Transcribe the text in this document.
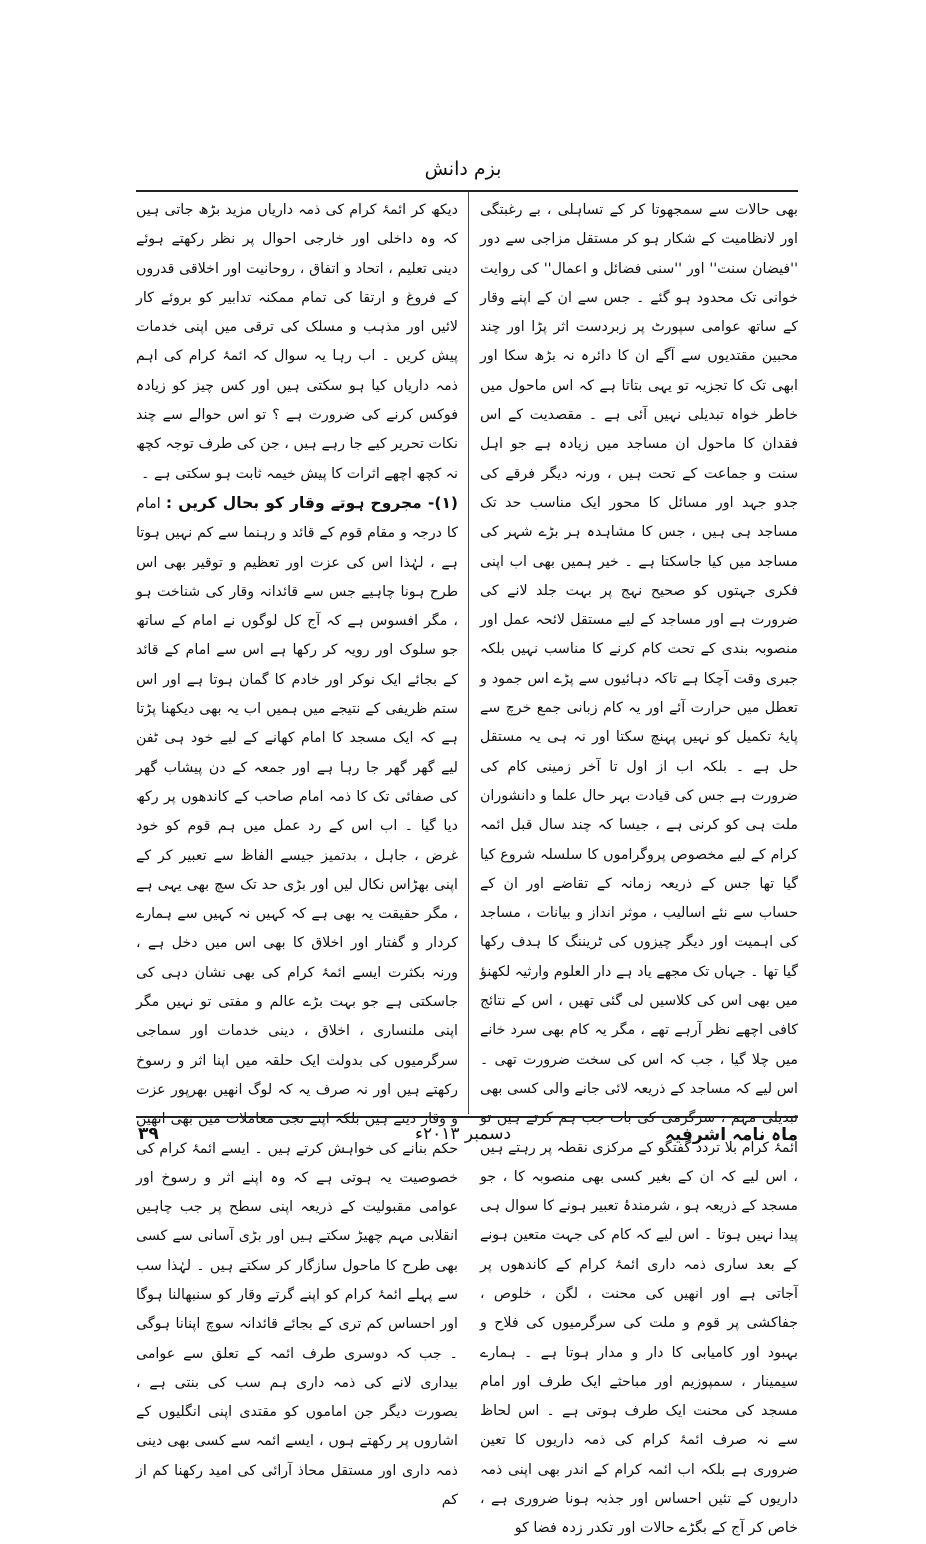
بزم دانش

بھی حالات سے سمجھوتا کر کے تساہلی ، بے رغبتگی اور لانظامیت کے شکار ہو کر مستقل مزاجی سے دور ''فیضان سنت'' اور ''سنی فضائل و اعمال'' کی روایت خوانی تک محدود ہو گئے ۔ جس سے ان کے اپنے وقار کے ساتھ عوامی سپورٹ پر زبردست اثر پڑا اور چند محبین مقتدیوں سے آگے ان کا دائرہ نہ بڑھ سکا اور ابھی تک کا تجزیہ تو یہی بتاتا ہے کہ اس ماحول میں خاطر خواہ تبدیلی نہیں آئی ہے ۔ مقصدیت کے اس فقدان کا ماحول ان مساجد میں زیادہ ہے جو اہل سنت و جماعت کے تحت ہیں ، ورنہ دیگر فرقے کی جدو جہد اور مسائل کا محور ایک مناسب حد تک مساجد ہی ہیں ، جس کا مشاہدہ ہر بڑے شہر کی مساجد میں کیا جاسکتا ہے ۔ خیر ہمیں بھی اب اپنی فکری جہتوں کو صحیح نہج پر بہت جلد لانے کی ضرورت ہے اور مساجد کے لیے مستقل لائحہ عمل اور منصوبہ بندی کے تحت کام کرنے کا مناسب نہیں بلکہ جبری وقت آچکا ہے تاکہ دہائیوں سے پڑے اس جمود و تعطل میں حرارت آئے اور یہ کام زبانی جمع خرچ سے پایۂ تکمیل کو نہیں پہنچ سکتا اور نہ ہی یہ مستقل حل ہے ۔ بلکہ اب از اول تا آخر زمینی کام کی ضرورت ہے جس کی قیادت بہر حال علما و دانشوران ملت ہی کو کرنی ہے ، جیسا کہ چند سال قبل ائمہ کرام کے لیے مخصوص پروگراموں کا سلسلہ شروع کیا گیا تھا جس کے ذریعہ زمانہ کے تقاضے اور ان کے حساب سے نئے اسالیب ، موثر انداز و بیانات ، مساجد کی اہمیت اور دیگر چیزوں کی ٹریننگ کا ہدف رکھا گیا تھا ۔ جہاں تک مجھے یاد ہے دار العلوم وارثیہ لکھنؤ میں بھی اس کی کلاسیں لی گئی تھیں ، اس کے نتائج کافی اچھے نظر آرہے تھے ، مگر یہ کام بھی سرد خانے میں چلا گیا ، جب کہ اس کی سخت ضرورت تھی ۔ اس لیے کہ مساجد کے ذریعہ لائی جانے والی کسی بھی تبدیلی مہم ، سرگرمی کی بات جب ہم کرتے ہیں تو ائمۂ کرام بلا تردد گفتگو کے مرکزی نقطہ پر رہتے ہیں ، اس لیے کہ ان کے بغیر کسی بھی منصوبہ کا ، جو مسجد کے ذریعہ ہو ، شرمندۂ تعبیر ہونے کا سوال ہی پیدا نہیں ہوتا ۔ اس لیے کہ کام کی جہت متعین ہونے کے بعد ساری ذمہ داری ائمۂ کرام کے کاندھوں پر آجاتی ہے اور انھیں کی محنت ، لگن ، خلوص ، جفاکشی پر قوم و ملت کی سرگرمیوں کی فلاح و بہبود اور کامیابی کا دار و مدار ہوتا ہے ۔ ہمارے سیمینار ، سمپوزیم اور مباحثے ایک طرف اور امام مسجد کی محنت ایک طرف ہوتی ہے ۔ اس لحاظ سے نہ صرف ائمۂ کرام کی ذمہ داریوں کا تعین ضروری ہے بلکہ اب ائمہ کرام کے اندر بھی اپنی ذمہ داریوں کے تئیں احساس اور جذبہ ہونا ضروری ہے ، خاص کر آج کے بگڑے حالات اور تکدر زدہ فضا کو

دیکھ کر ائمۂ کرام کی ذمہ داریاں مزید بڑھ جاتی ہیں کہ وہ داخلی اور خارجی احوال پر نظر رکھتے ہوئے دینی تعلیم ، اتحاد و اتفاق ، روحانیت اور اخلاقی قدروں کے فروغ و ارتقا کی تمام ممکنہ تدابیر کو بروئے کار لائیں اور مذہب و مسلک کی ترقی میں اپنی خدمات پیش کریں ۔ اب رہا یہ سوال کہ ائمۂ کرام کی اہم ذمہ داریاں کیا ہو سکتی ہیں اور کس چیز کو زیادہ فوکس کرنے کی ضرورت ہے ؟ تو اس حوالے سے چند نکات تحریر کیے جا رہے ہیں ، جن کی طرف توجہ کچھ نہ کچھ اچھے اثرات کا پیش خیمہ ثابت ہو سکتی ہے ۔

(۱)- مجروح ہوتے وقار کو بحال کریں : امام کا درجہ و مقام قوم کے قائد و رہنما سے کم نہیں ہوتا ہے ، لہٰذا اس کی عزت اور تعظیم و توقیر بھی اس طرح ہونا چاہیے جس سے قائدانہ وقار کی شناخت ہو ، مگر افسوس ہے کہ آج کل لوگوں نے امام کے ساتھ جو سلوک اور رویہ کر رکھا ہے اس سے امام کے قائد کے بجائے ایک نوکر اور خادم کا گمان ہوتا ہے اور اس ستم ظریفی کے نتیجے میں ہمیں اب یہ بھی دیکھنا پڑتا ہے کہ ایک مسجد کا امام کھانے کے لیے خود ہی ٹفن لیے گھر گھر جا رہا ہے اور جمعہ کے دن پیشاب گھر کی صفائی تک کا ذمہ امام صاحب کے کاندھوں پر رکھ دیا گیا ۔ اب اس کے رد عمل میں ہم قوم کو خود غرض ، جاہل ، بدتمیز جیسے الفاظ سے تعبیر کر کے اپنی بھڑاس نکال لیں اور بڑی حد تک سچ بھی یہی ہے ، مگر حقیقت یہ بھی ہے کہ کہیں نہ کہیں سے ہمارے کردار و گفتار اور اخلاق کا بھی اس میں دخل ہے ، ورنہ بکثرت ایسے ائمۂ کرام کی بھی نشان دہی کی جاسکتی ہے جو بہت بڑے عالم و مفتی تو نہیں مگر اپنی ملنساری ، اخلاق ، دینی خدمات اور سماجی سرگرمیوں کی بدولت ایک حلقہ میں اپنا اثر و رسوخ رکھتے ہیں اور نہ صرف یہ کہ لوگ انھیں بھرپور عزت و وقار دیتے ہیں بلکہ اپنے نجی معاملات میں بھی انھیں حکم بنانے کی خواہش کرتے ہیں ۔ ایسے ائمۂ کرام کی خصوصیت یہ ہوتی ہے کہ وہ اپنے اثر و رسوخ اور عوامی مقبولیت کے ذریعہ اپنی سطح پر جب چاہیں انقلابی مہم چھیڑ سکتے ہیں اور بڑی آسانی سے کسی بھی طرح کا ماحول سازگار کر سکتے ہیں ۔ لہٰذا سب سے پہلے ائمۂ کرام کو اپنے گرتے وقار کو سنبھالنا ہوگا اور احساس کم تری کے بجائے قائدانہ سوچ اپنانا ہوگی ۔ جب کہ دوسری طرف ائمہ کے تعلق سے عوامی بیداری لانے کی ذمہ داری ہم سب کی بنتی ہے ، بصورت دیگر جن اماموں کو مقتدی اپنی انگلیوں کے اشاروں پر رکھتے ہوں ، ایسے ائمہ سے کسی بھی دینی ذمہ داری اور مستقل محاذ آرائی کی امید رکھنا کم از کم

ماہ نامہ اشرفیہ
دسمبر ۲۰۱۳ء
۳۹
